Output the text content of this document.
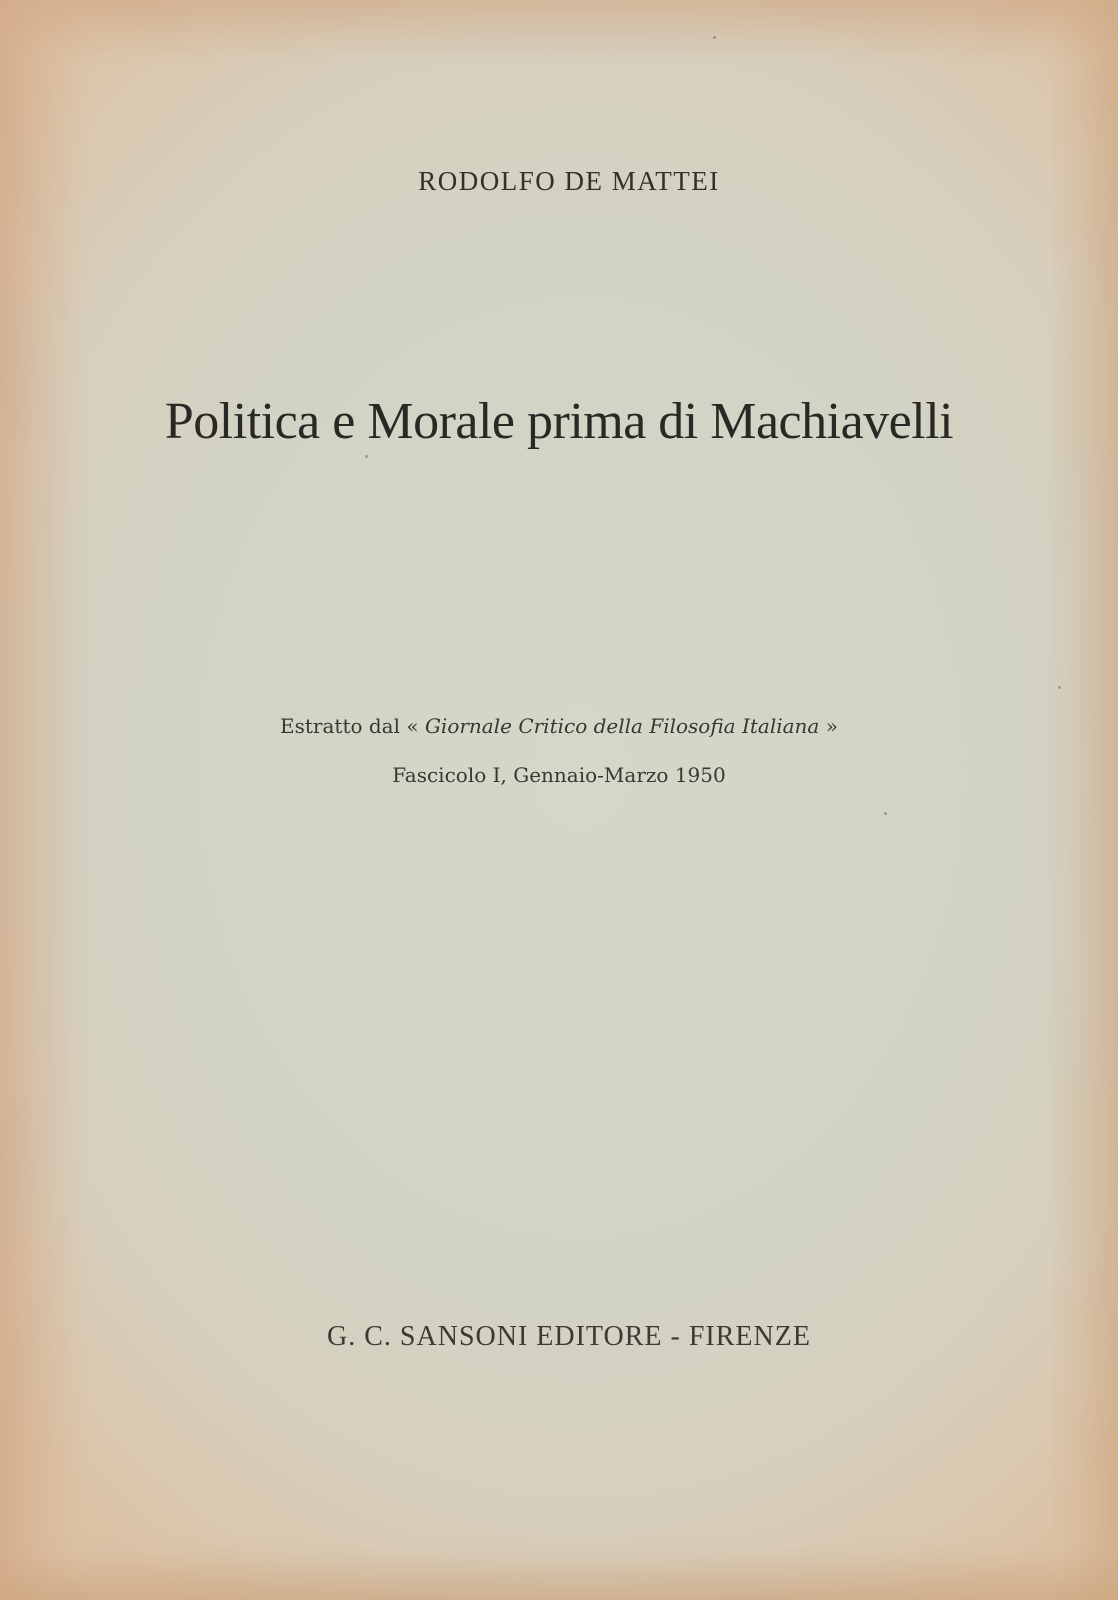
RODOLFO DE MATTEI
Politica e Morale prima di Machiavelli
Estratto dal « Giornale Critico della Filosofia Italiana »
Fascicolo I, Gennaio-Marzo 1950
G. C. SANSONI EDITORE - FIRENZE
